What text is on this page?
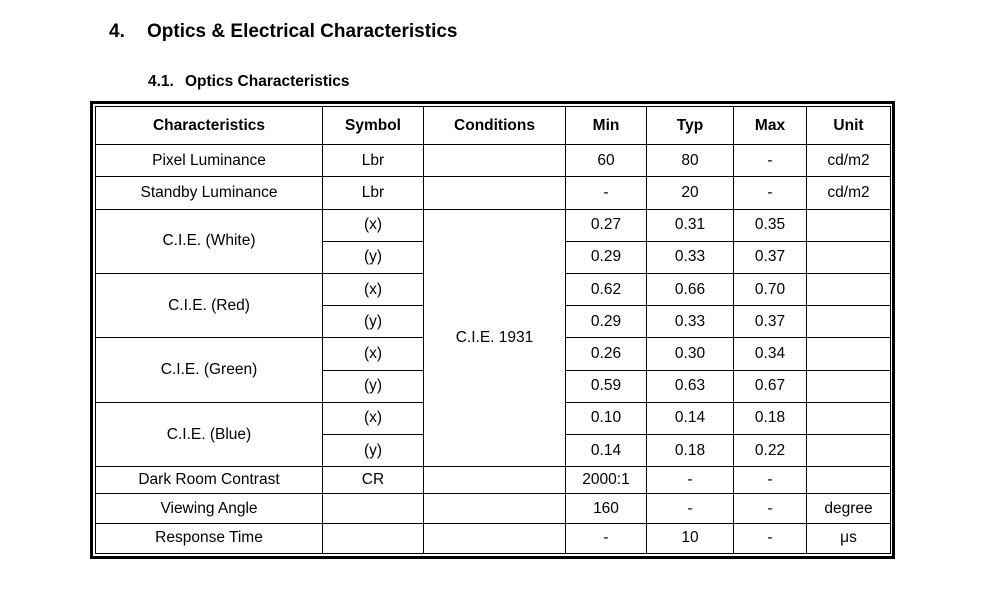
4. Optics & Electrical Characteristics
4.1. Optics Characteristics
Characteristics	Symbol	Conditions	Min	Typ	Max	Unit
Pixel Luminance	Lbr		60	80	-	cd/m2
Standby Luminance	Lbr		-	20	-	cd/m2
C.I.E. (White)	(x)	C.I.E. 1931	0.27	0.31	0.35	
	(y)		0.29	0.33	0.37	
C.I.E. (Red)	(x)		0.62	0.66	0.70	
	(y)		0.29	0.33	0.37	
C.I.E. (Green)	(x)		0.26	0.30	0.34	
	(y)		0.59	0.63	0.67	
C.I.E. (Blue)	(x)		0.10	0.14	0.18	
	(y)		0.14	0.18	0.22	
Dark Room Contrast	CR		2000:1	-	-	
Viewing Angle			160	-	-	degree
Response Time			-	10	-	μs
